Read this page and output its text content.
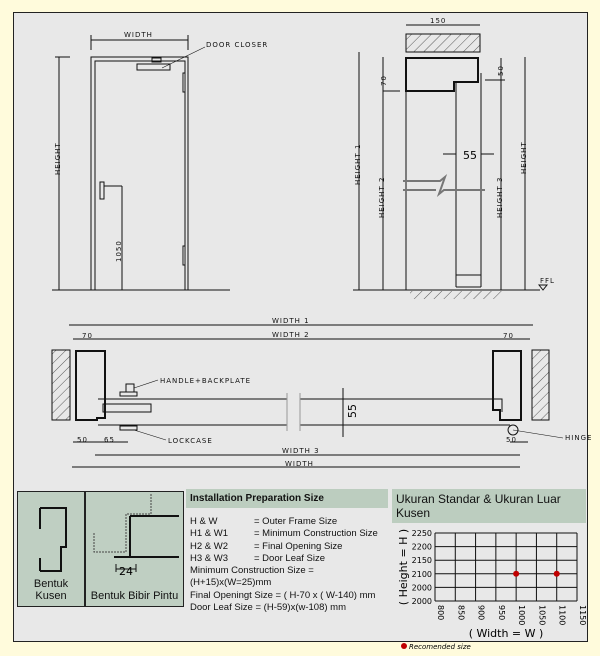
WIDTH
DOOR CLOSER
HEIGHT
1050
150
70
50
55
HEIGHT 1
HEIGHT 2	HEIGHT 3
HEIGHT
FFL
WIDTH 1
WIDTH 2
70	70
HANDLE+BACKPLATE
LOCKCASE	HINGE
55
50 65	50
WIDTH 3
WIDTH
Bentuk Kusen
24
Bentuk Bibir Pintu
Installation Preparation Size
H & W	= Outer Frame Size
H1 & W1	= Minimum Construction Size
H2 & W2	= Final Opening Size
H3 & W3	= Door Leaf Size
Minimum Construction Size = (H+15)x(W=25)mm
Final Openingt Size = ( H-70 x ( W-140) mm
Door Leaf Size = (H-59)x(w-108) mm
Ukuran Standar & Ukuran Luar Kusen
800 850 900 950 1000 1050 1100 1150
2000
2000
2100
2150
2200
2250
( Width = W )
( Height = H )
Recomended size
